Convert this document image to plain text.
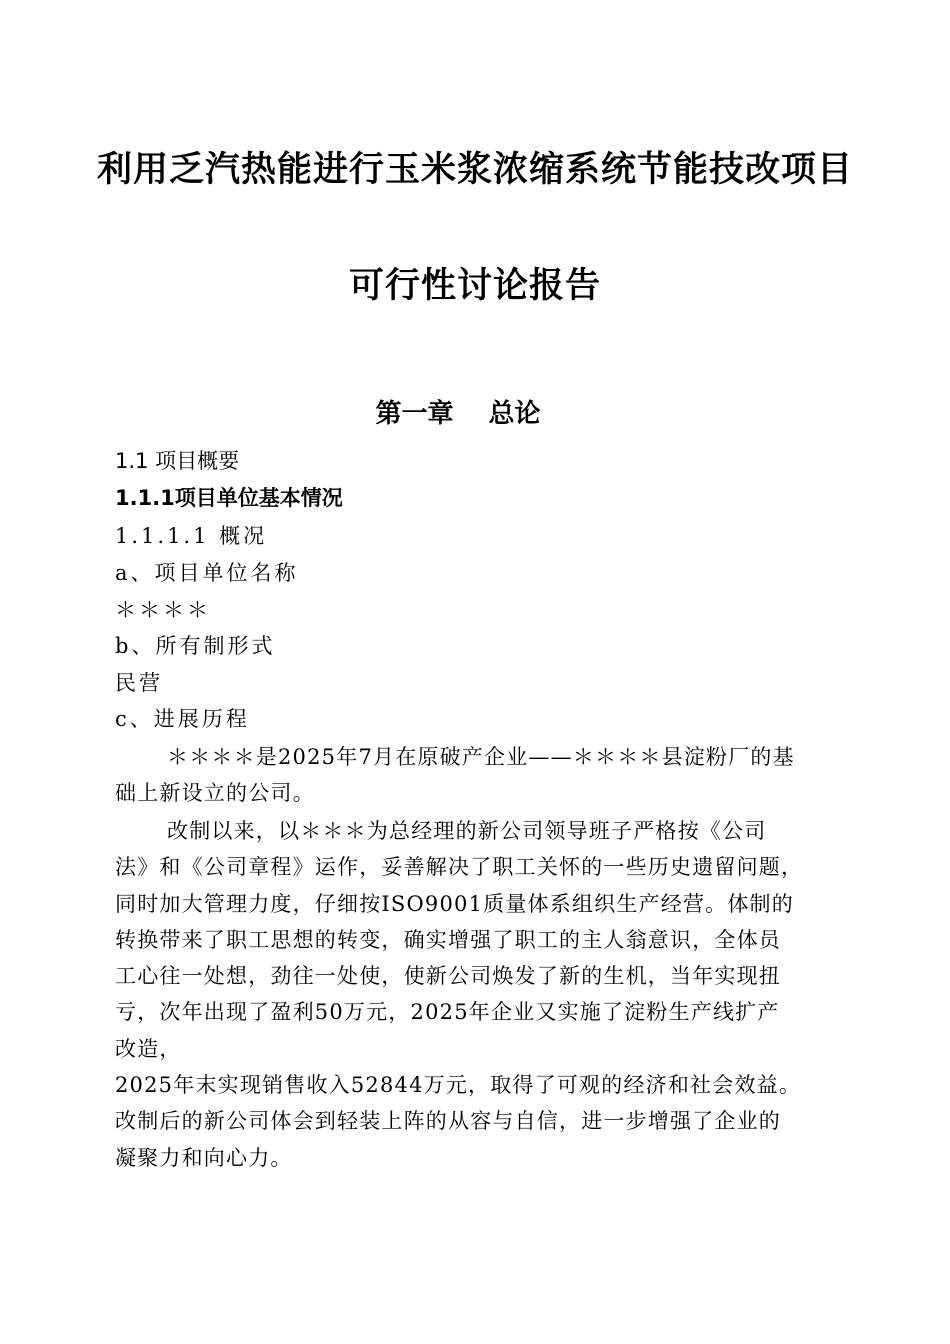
利用乏汽热能进行玉米浆浓缩系统节能技改项目
可行性讨论报告
第一章　 总论
1.1 项目概要
1.1.1项目单位基本情况
1.1.1.1 概况
a、项目单位名称
＊＊＊＊
b、所有制形式
民营
c、进展历程
＊＊＊＊是2025年7月在原破产企业——＊＊＊＊县淀粉厂的基
础上新设立的公司。
改制以来，以＊＊＊为总经理的新公司领导班子严格按《公司
法》和《公司章程》运作，妥善解决了职工关怀的一些历史遗留问题，
同时加大管理力度，仔细按ISO9001质量体系组织生产经营。体制的
转换带来了职工思想的转变，确实增强了职工的主人翁意识，全体员
工心往一处想，劲往一处使，使新公司焕发了新的生机，当年实现扭
亏，次年出现了盈利50万元，2025年企业又实施了淀粉生产线扩产
改造，
2025年末实现销售收入52844万元，取得了可观的经济和社会效益。
改制后的新公司体会到轻装上阵的从容与自信，进一步增强了企业的
凝聚力和向心力。
